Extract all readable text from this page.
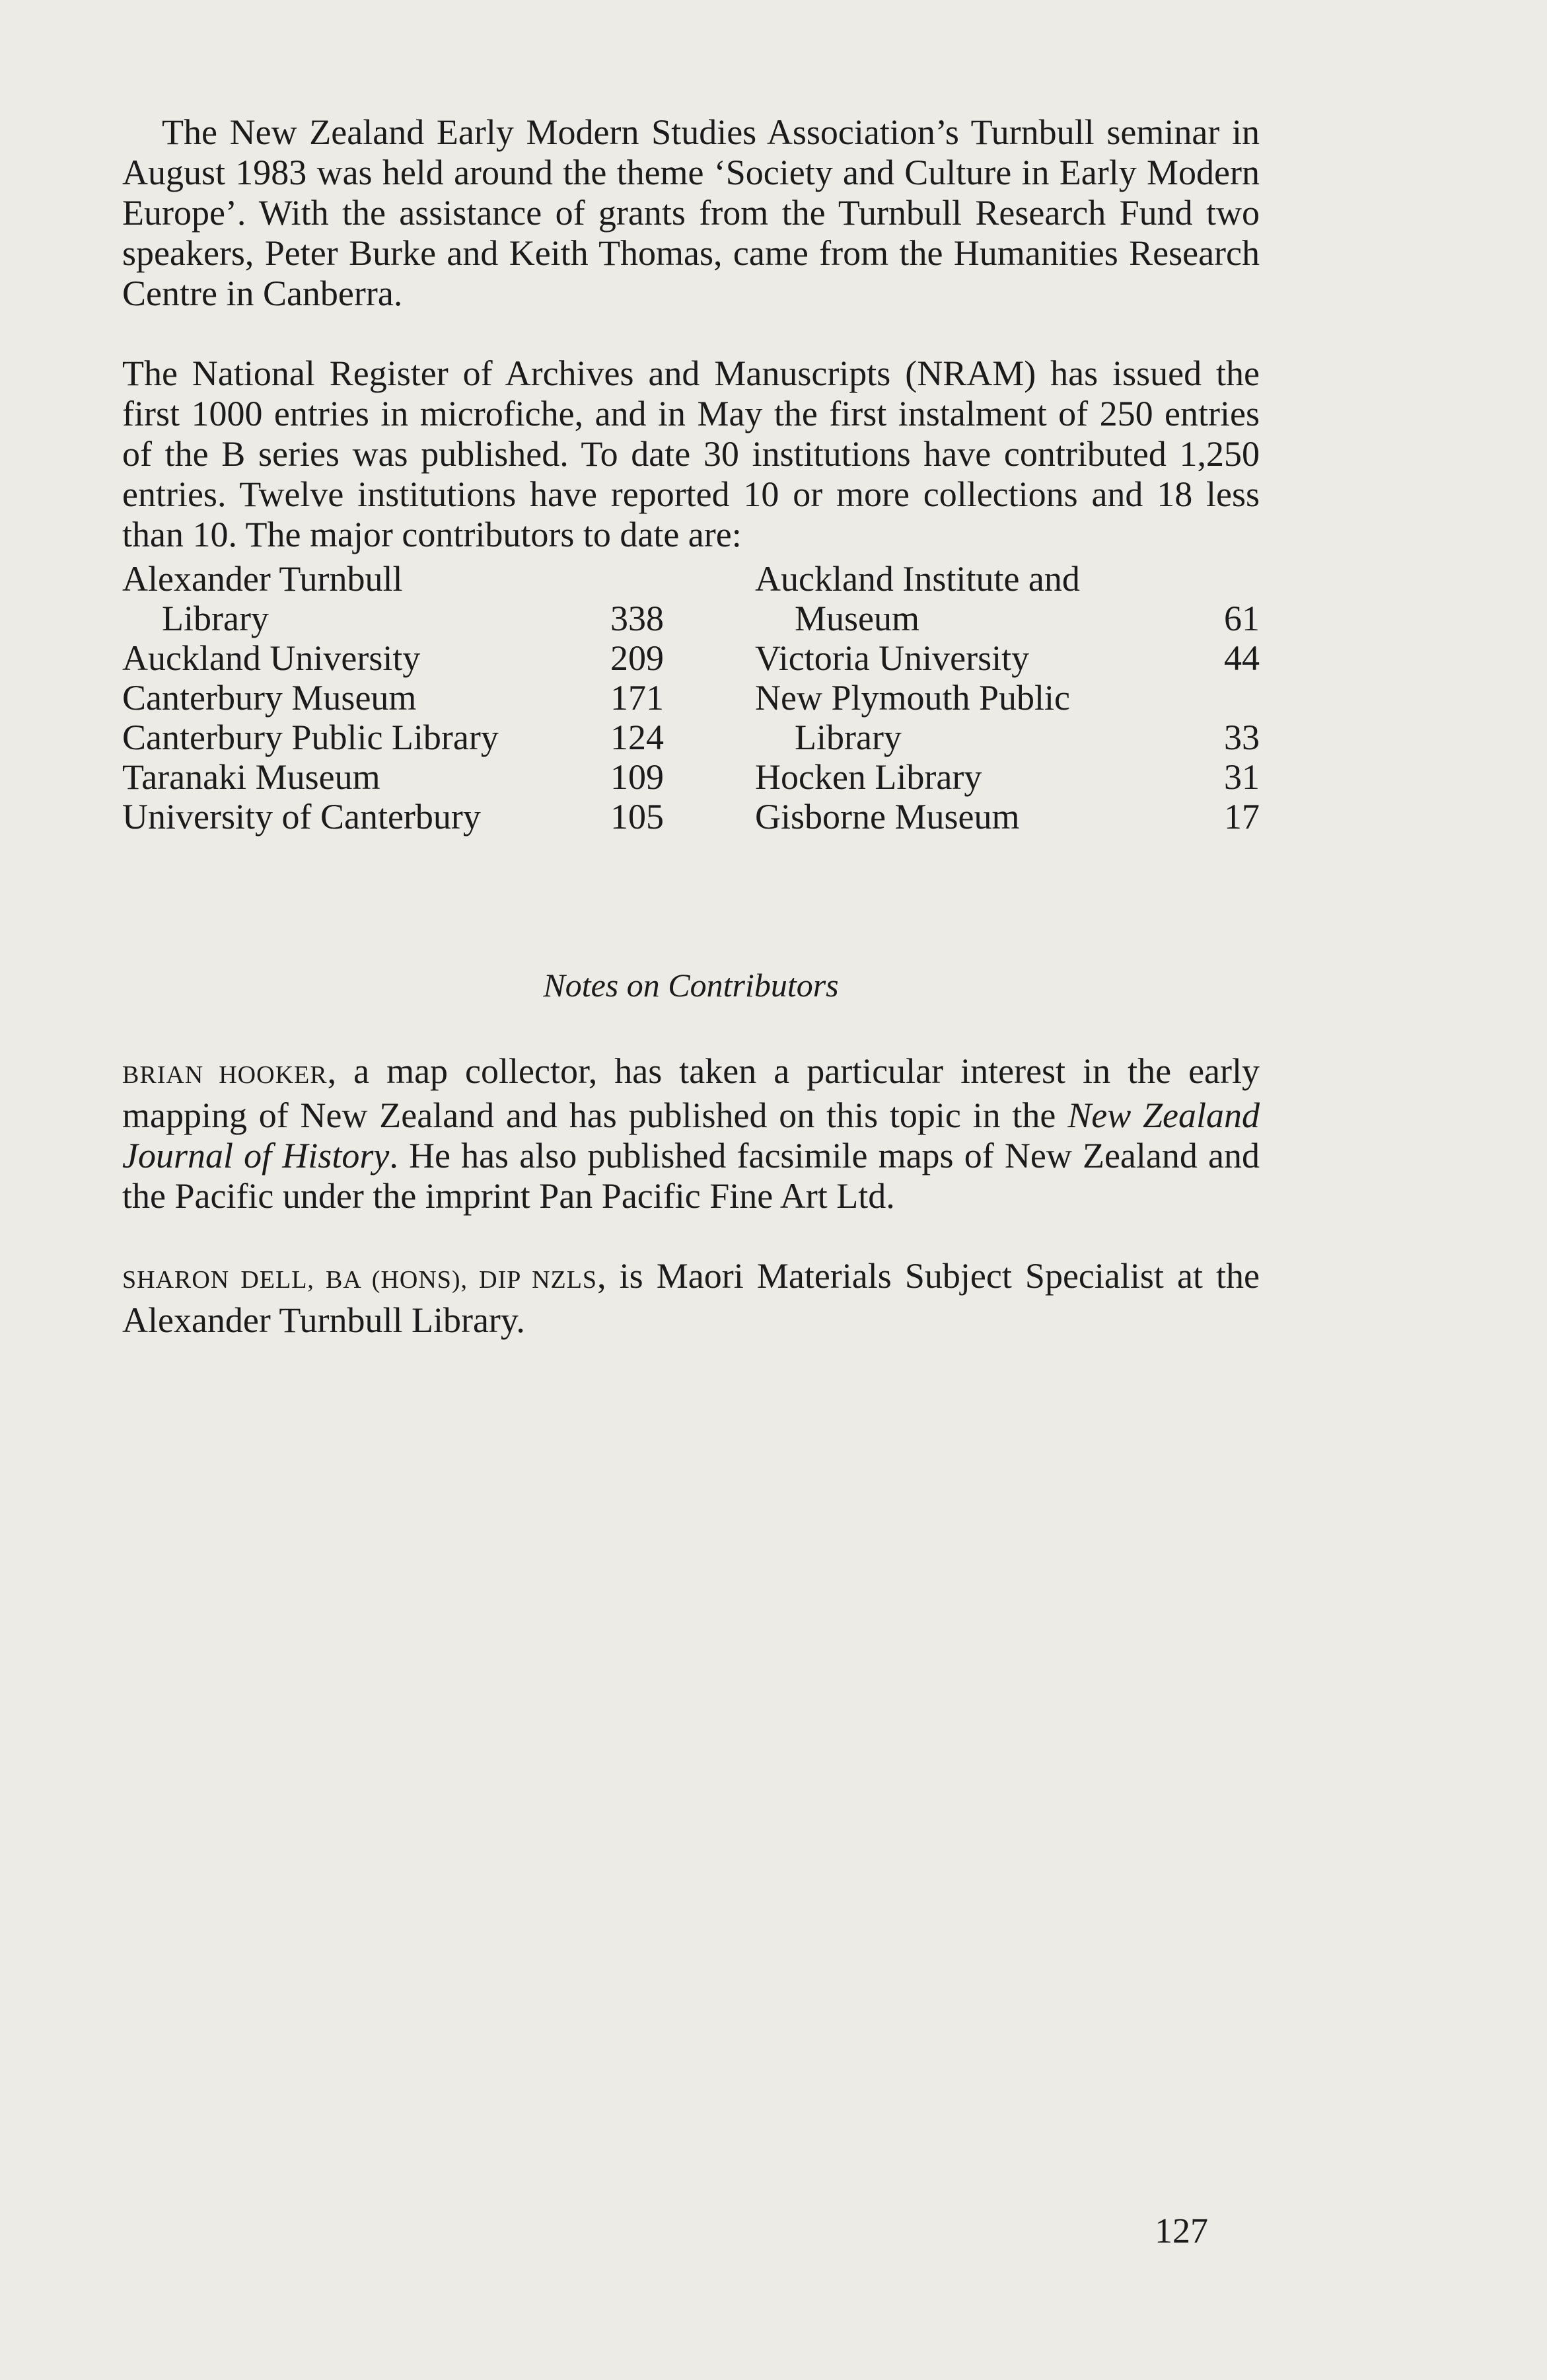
The New Zealand Early Modern Studies Association’s Turnbull seminar in August 1983 was held around the theme ‘Society and Culture in Early Modern Europe’. With the assistance of grants from the Turnbull Research Fund two speakers, Peter Burke and Keith Thomas, came from the Humanities Research Centre in Canberra.

The National Register of Archives and Manuscripts (NRAM) has issued the first 1000 entries in microfiche, and in May the first instalment of 250 entries of the B series was published. To date 30 institutions have contributed 1,250 entries. Twelve institutions have reported 10 or more collections and 18 less than 10. The major contributors to date are:

Alexander Turnbull
Library	338
Auckland University	209
Canterbury Museum	171
Canterbury Public Library	124
Taranaki Museum	109
University of Canterbury	105
Auckland Institute and
Museum	61
Victoria University	44
New Plymouth Public
Library	33
Hocken Library	31
Gisborne Museum	17
Notes on Contributors

BRIAN HOOKER, a map collector, has taken a particular interest in the early mapping of New Zealand and has published on this topic in the New Zealand Journal of History. He has also published facsimile maps of New Zealand and the Pacific under the imprint Pan Pacific Fine Art Ltd.

SHARON DELL, BA (HONS), DIP NZLS, is Maori Materials Subject Specialist at the Alexander Turnbull Library.

127
